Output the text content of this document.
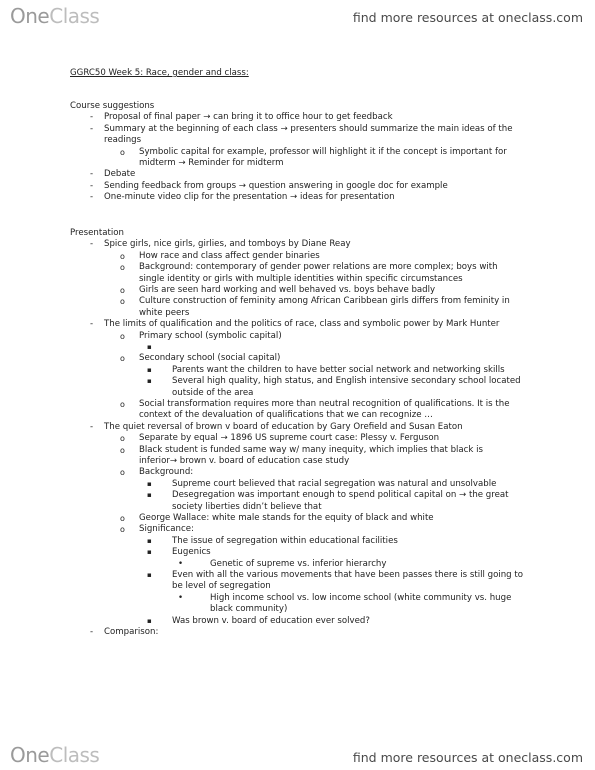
OneClass	find more resources at oneclass.com
GGRC50 Week 5: Race, gender and class:
Course suggestions
- Proposal of final paper → can bring it to office hour to get feedback
- Summary at the beginning of each class → presenters should summarize the main ideas of the
readings
o Symbolic capital for example, professor will highlight it if the concept is important for
midterm → Reminder for midterm
- Debate
- Sending feedback from groups → question answering in google doc for example
- One-minute video clip for the presentation → ideas for presentation
Presentation
- Spice girls, nice girls, girlies, and tomboys by Diane Reay
o How race and class affect gender binaries
o Background: contemporary of gender power relations are more complex; boys with
single identity or girls with multiple identities within specific circumstances
o Girls are seen hard working and well behaved vs. boys behave badly
o Culture construction of feminity among African Caribbean girls differs from feminity in
white peers
- The limits of qualification and the politics of race, class and symbolic power by Mark Hunter
o Primary school (symbolic capital)
▪
o Secondary school (social capital)
▪ Parents want the children to have better social network and networking skills
▪ Several high quality, high status, and English intensive secondary school located
outside of the area
o Social transformation requires more than neutral recognition of qualifications. It is the
context of the devaluation of qualifications that we can recognize …
- The quiet reversal of brown v board of education by Gary Orefield and Susan Eaton
o Separate by equal → 1896 US supreme court case: Plessy v. Ferguson
o Black student is funded same way w/ many inequity, which implies that black is
inferior→ brown v. board of education case study
o Background:
▪ Supreme court believed that racial segregation was natural and unsolvable
▪ Desegregation was important enough to spend political capital on → the great
society liberties didn’t believe that
o George Wallace: white male stands for the equity of black and white
o Significance:
▪ The issue of segregation within educational facilities
▪ Eugenics
•	Genetic of supreme vs. inferior hierarchy
▪ Even with all the various movements that have been passes there is still going to
be level of segregation
•	High income school vs. low income school (white community vs. huge
black community)
▪ Was brown v. board of education ever solved?
- Comparison:
OneClass	find more resources at oneclass.com
